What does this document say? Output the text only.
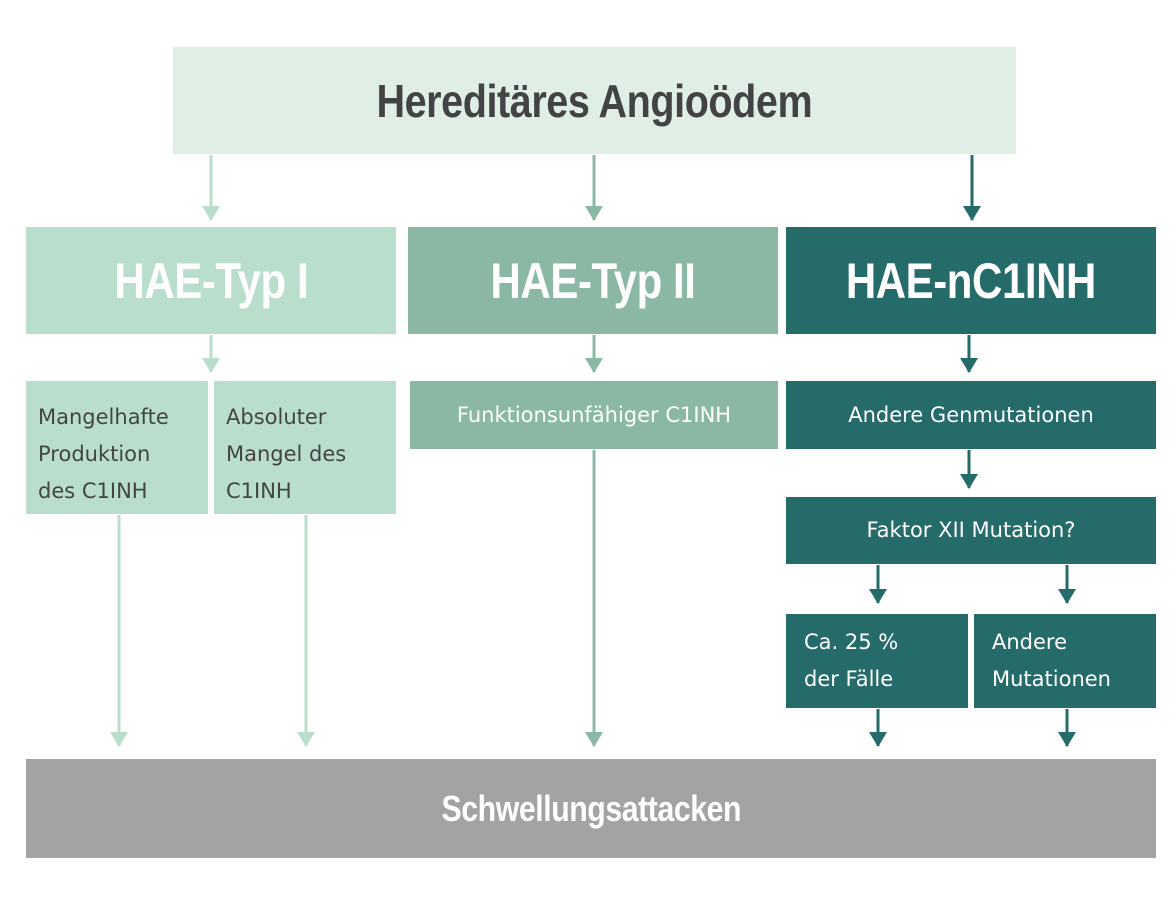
Hereditäres Angioödem
HAE-Typ I	HAE-Typ II	HAE-nC1INH
Mangelhafte
Produktion
des C1INH
Absoluter
Mangel des
C1INH
Funktionsunfähiger C1INH	Andere Genmutationen
Faktor XII Mutation?
Ca. 25 %
der Fälle
Andere
Mutationen
Schwellungsattacken
